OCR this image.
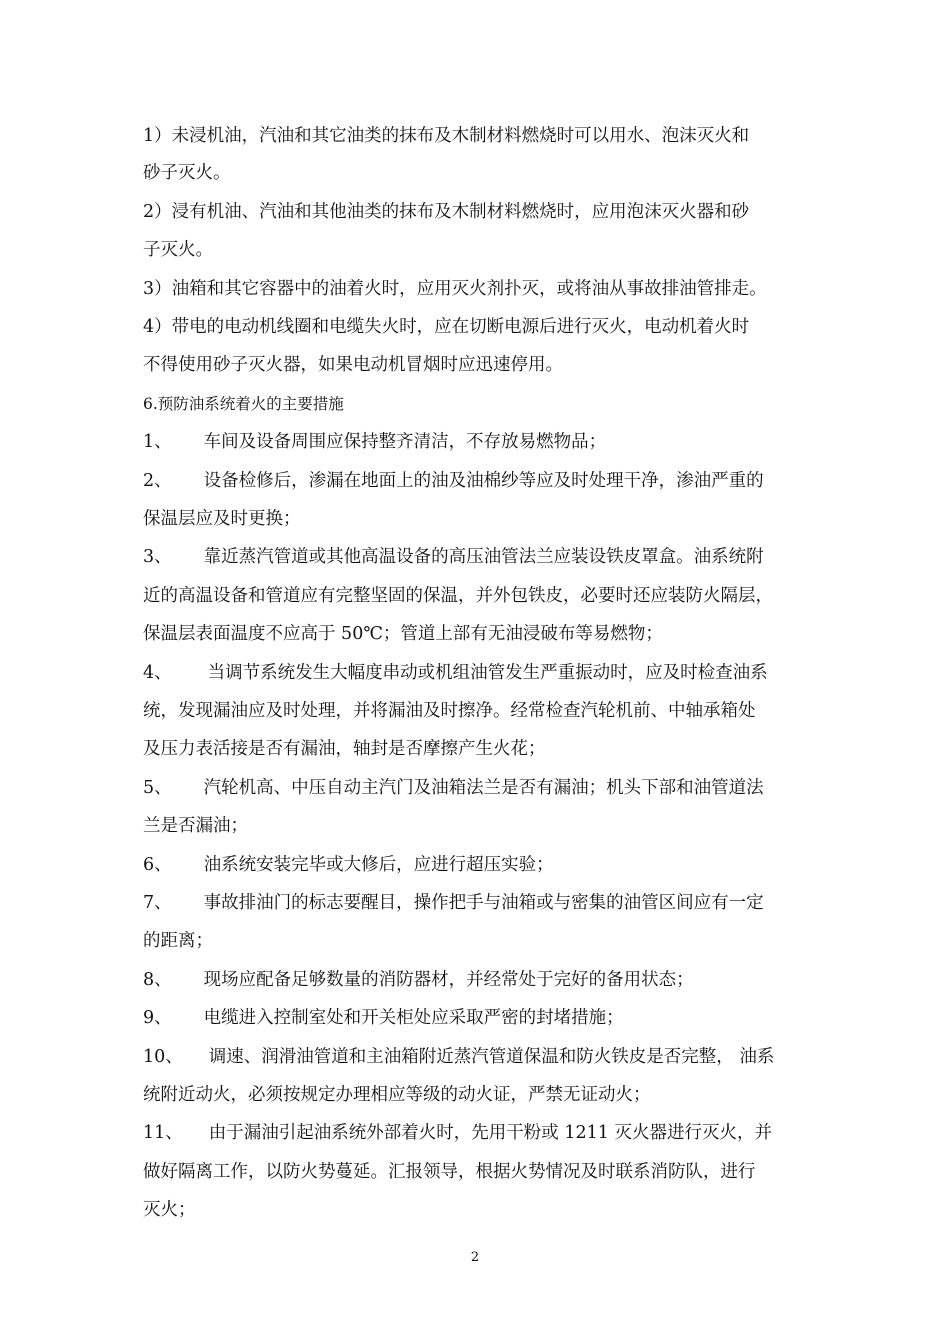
1）未浸机油，汽油和其它油类的抹布及木制材料燃烧时可以用水、泡沫灭火和
砂子灭火。
2）浸有机油、汽油和其他油类的抹布及木制材料燃烧时，应用泡沫灭火器和砂
子灭火。
3）油箱和其它容器中的油着火时，应用灭火剂扑灭，或将油从事故排油管排走。
4）带电的电动机线圈和电缆失火时，应在切断电源后进行灭火，电动机着火时
不得使用砂子灭火器，如果电动机冒烟时应迅速停用。
6.预防油系统着火的主要措施
1、 车间及设备周围应保持整齐清洁，不存放易燃物品；
2、 设备检修后，渗漏在地面上的油及油棉纱等应及时处理干净，渗油严重的
保温层应及时更换；
3、 靠近蒸汽管道或其他高温设备的高压油管法兰应装设铁皮罩盒。油系统附
近的高温设备和管道应有完整坚固的保温，并外包铁皮，必要时还应装防火隔层，
保温层表面温度不应高于 50℃；管道上部有无油浸破布等易燃物；
4、 当调节系统发生大幅度串动或机组油管发生严重振动时，应及时检查油系
统，发现漏油应及时处理，并将漏油及时擦净。经常检查汽轮机前、中轴承箱处
及压力表活接是否有漏油，轴封是否摩擦产生火花；
5、 汽轮机高、中压自动主汽门及油箱法兰是否有漏油；机头下部和油管道法
兰是否漏油；
6、 油系统安装完毕或大修后，应进行超压实验；
7、 事故排油门的标志要醒目，操作把手与油箱或与密集的油管区间应有一定
的距离；
8、 现场应配备足够数量的消防器材，并经常处于完好的备用状态；
9、 电缆进入控制室处和开关柜处应采取严密的封堵措施；
10、 调速、润滑油管道和主油箱附近蒸汽管道保温和防火铁皮是否完整， 油系
统附近动火，必须按规定办理相应等级的动火证，严禁无证动火；
11、 由于漏油引起油系统外部着火时，先用干粉或 1211 灭火器进行灭火，并
做好隔离工作，以防火势蔓延。汇报领导，根据火势情况及时联系消防队，进行
灭火；
2
